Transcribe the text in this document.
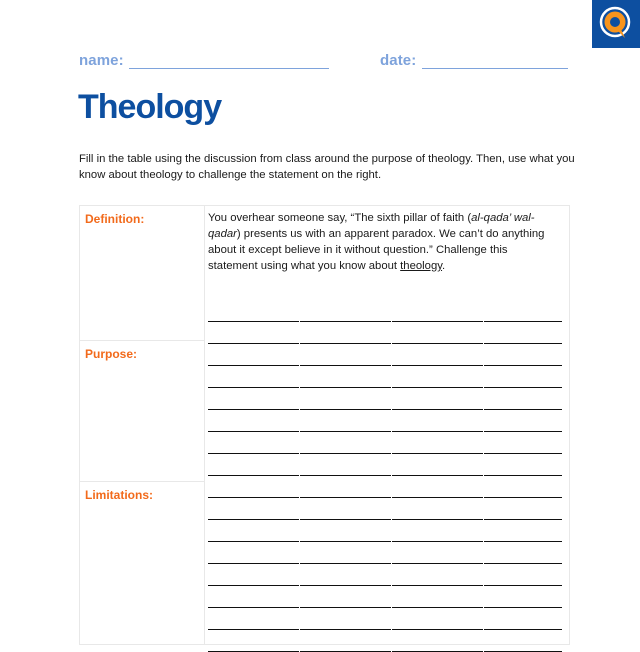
name:	date:
Theology

Fill in the table using the discussion from class around the purpose of theology. Then, use what you know about theology to challenge the statement on the right.

Definition:
Purpose:
Limitations:
You overhear someone say, “The sixth pillar of faith (al-qada’ wal-qadar) presents us with an apparent paradox. We can’t do anything about it except believe in it without question.” Challenge this statement using what you know about theology.
